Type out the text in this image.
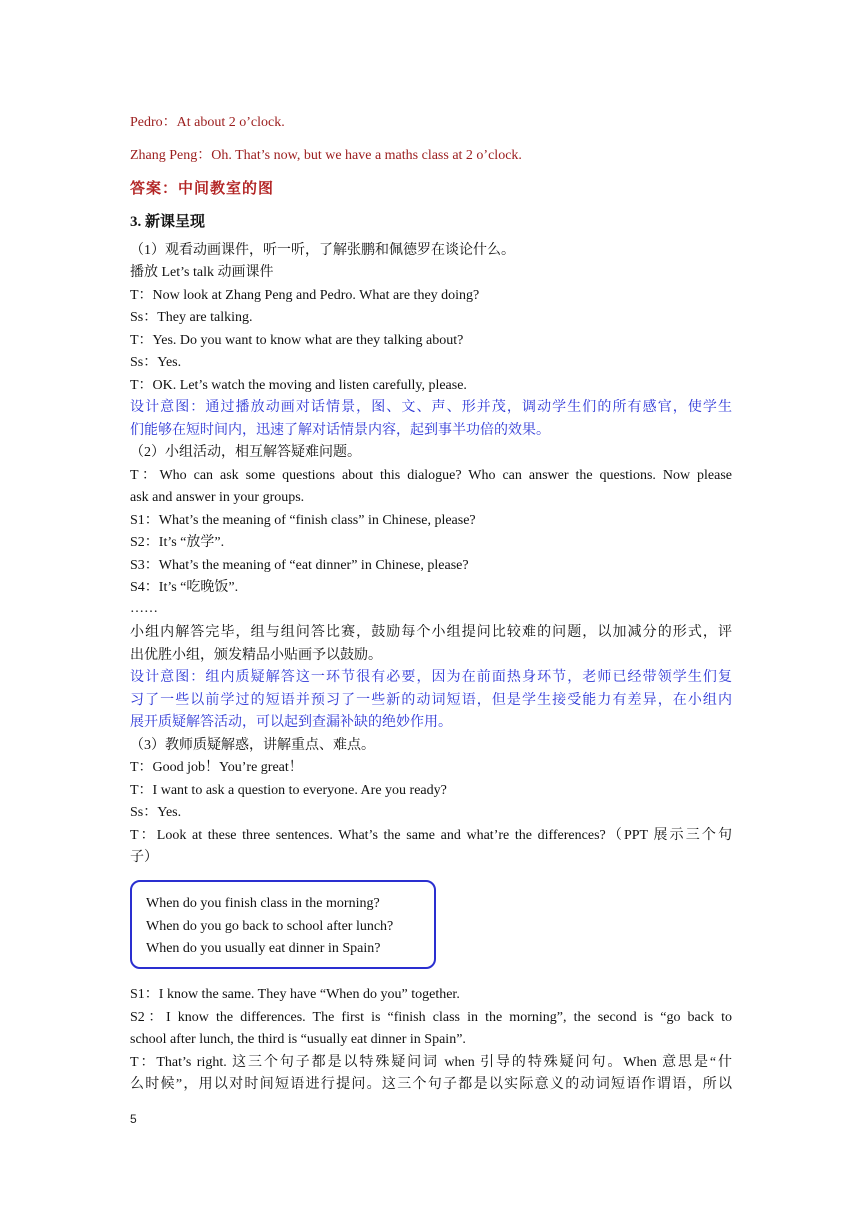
Pedro：At about 2 o’clock.
Zhang Peng：Oh. That’s now, but we have a maths class at 2 o’clock.
答案：中间教室的图
3. 新课呈现
（1）观看动画课件，听一听，了解张鹏和佩德罗在谈论什么。
播放 Let’s talk 动画课件
T：Now look at Zhang Peng and Pedro. What are they doing?
Ss：They are talking.
T：Yes. Do you want to know what are they talking about?
Ss：Yes.
T：OK. Let’s watch the moving and listen carefully, please.
设计意图：通过播放动画对话情景，图、文、声、形并茂，调动学生们的所有感官，使学生
们能够在短时间内，迅速了解对话情景内容，起到事半功倍的效果。
（2）小组活动，相互解答疑难问题。
T：Who can ask some questions about this dialogue? Who can answer the questions. Now please
ask and answer in your groups.
S1：What’s the meaning of “finish class” in Chinese, please?
S2：It’s “放学”.
S3：What’s the meaning of “eat dinner” in Chinese, please?
S4：It’s “吃晚饭”.
……
小组内解答完毕，组与组问答比赛，鼓励每个小组提问比较难的问题，以加减分的形式，评
出优胜小组，颁发精品小贴画予以鼓励。
设计意图：组内质疑解答这一环节很有必要，因为在前面热身环节，老师已经带领学生们复
习了一些以前学过的短语并预习了一些新的动词短语，但是学生接受能力有差异，在小组内
展开质疑解答活动，可以起到查漏补缺的绝妙作用。
（3）教师质疑解惑，讲解重点、难点。
T：Good job！You’re great！
T：I want to ask a question to everyone. Are you ready?
Ss：Yes.
T：Look at these three sentences. What’s the same and what’re the differences?（PPT 展示三个句
子）
S1：I know the same. They have “When do you” together.
S2：I know the differences. The first is “finish class in the morning”, the second is “go back to
school after lunch, the third is “usually eat dinner in Spain”.
T：That’s right. 这三个句子都是以特殊疑问词 when 引导的特殊疑问句。When 意思是“什
么时候”，用以对时间短语进行提问。这三个句子都是以实际意义的动词短语作谓语，所以
When do you finish class in the morning?
When do you go back to school after lunch?
When do you usually eat dinner in Spain?
5
